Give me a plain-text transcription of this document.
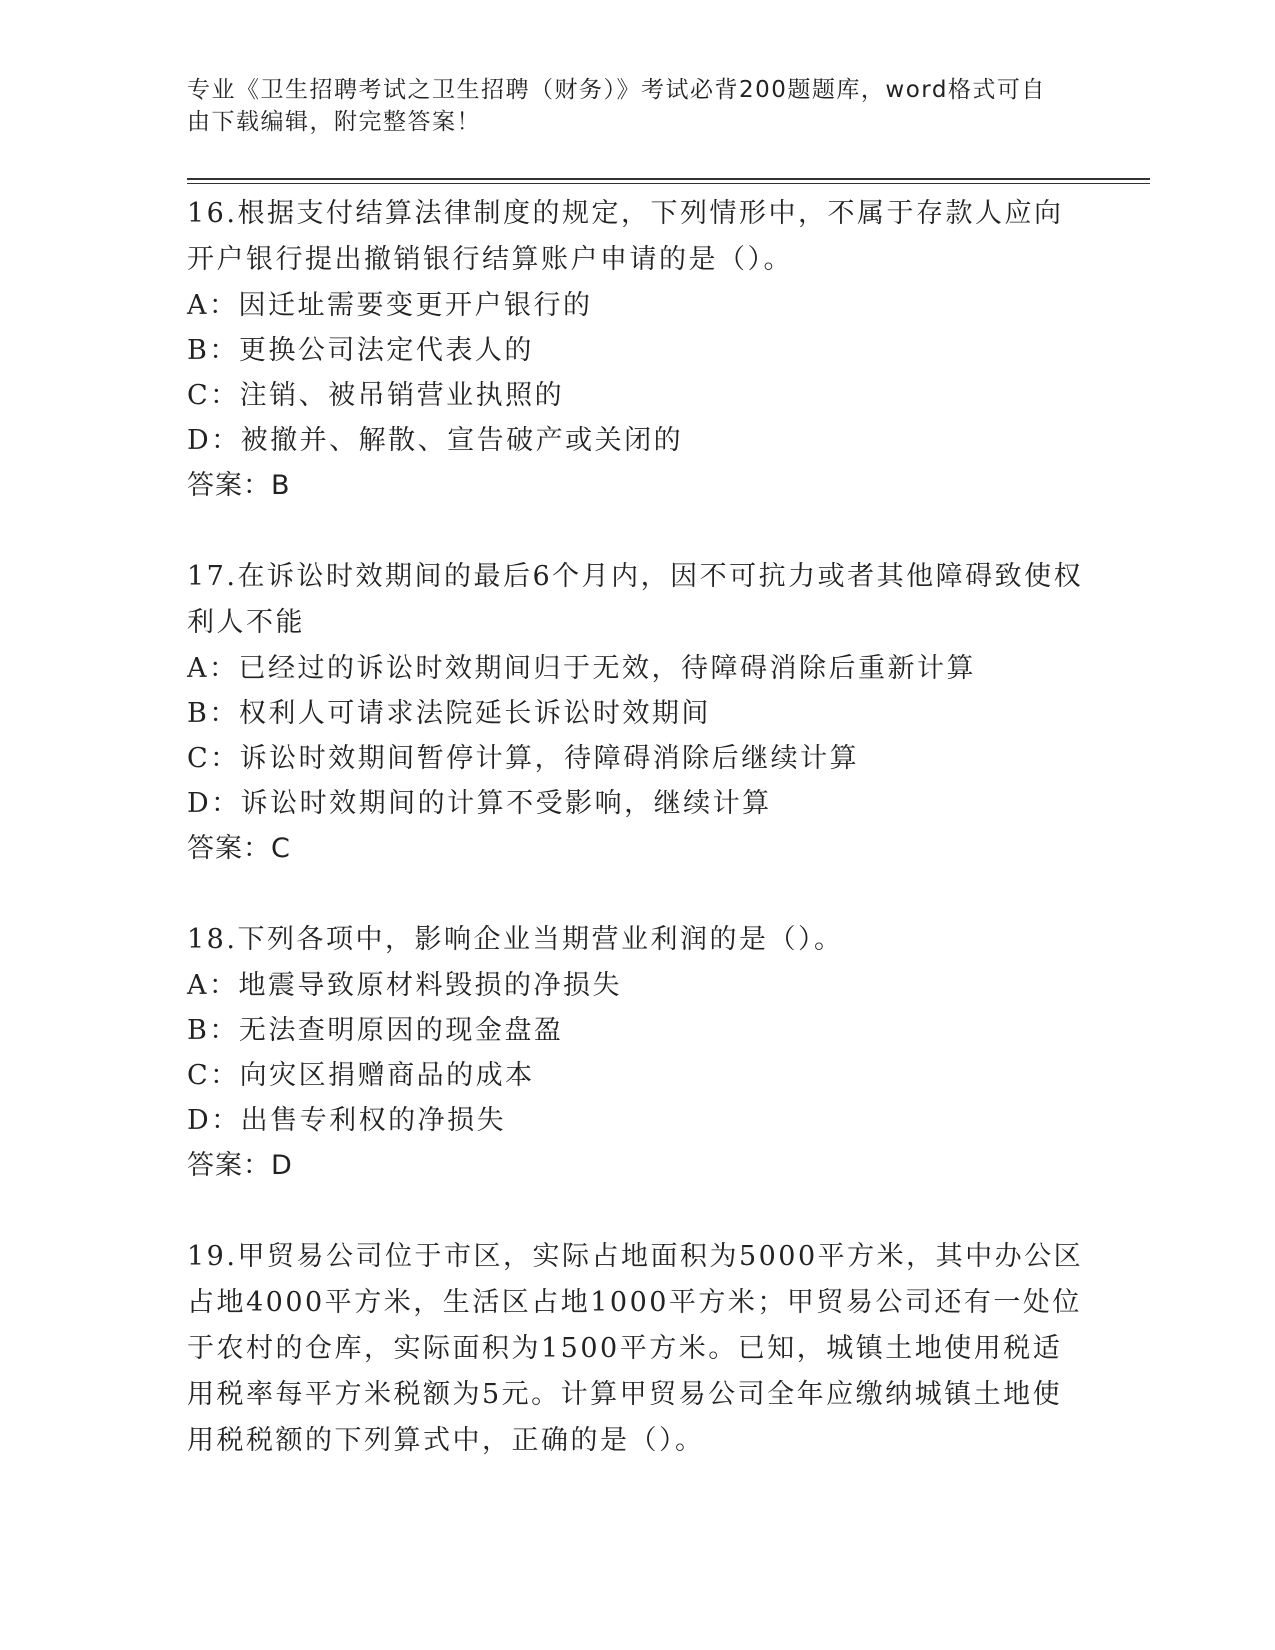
专业《卫生招聘考试之卫生招聘（财务）》考试必背200题题库，word格式可自由下载编辑，附完整答案！

16.根据支付结算法律制度的规定，下列情形中，不属于存款人应向开户银行提出撤销银行结算账户申请的是（）。

A：因迁址需要变更开户银行的

B：更换公司法定代表人的

C：注销、被吊销营业执照的

D：被撤并、解散、宣告破产或关闭的

答案：B

17.在诉讼时效期间的最后6个月内，因不可抗力或者其他障碍致使权利人不能

A：已经过的诉讼时效期间归于无效，待障碍消除后重新计算

B：权利人可请求法院延长诉讼时效期间

C：诉讼时效期间暂停计算，待障碍消除后继续计算

D：诉讼时效期间的计算不受影响，继续计算

答案：C

18.下列各项中，影响企业当期营业利润的是（）。

A：地震导致原材料毁损的净损失

B：无法查明原因的现金盘盈

C：向灾区捐赠商品的成本

D：出售专利权的净损失

答案：D

19.甲贸易公司位于市区，实际占地面积为5000平方米，其中办公区占地4000平方米，生活区占地1000平方米；甲贸易公司还有一处位于农村的仓库，实际面积为1500平方米。已知，城镇土地使用税适用税率每平方米税额为5元。计算甲贸易公司全年应缴纳城镇土地使用税税额的下列算式中，正确的是（）。
